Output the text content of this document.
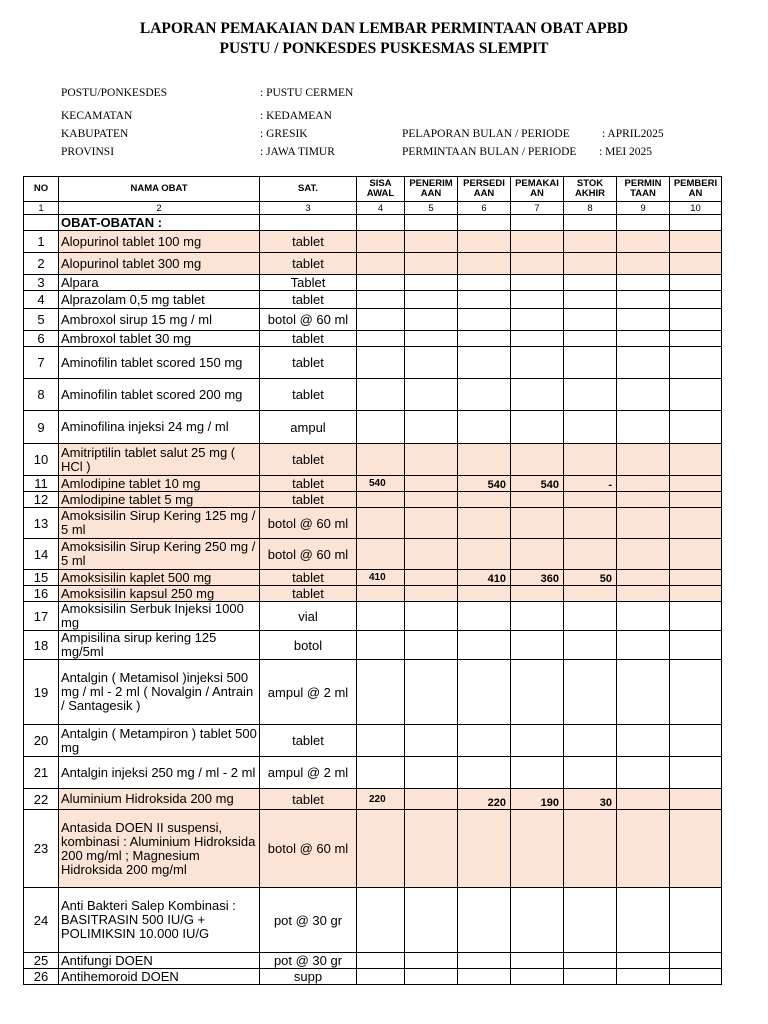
LAPORAN PEMAKAIAN DAN LEMBAR PERMINTAAN OBAT APBD
PUSTU / PONKESDES PUSKESMAS SLEMPIT
POSTU/PONKESDES	: PUSTU CERMEN
KECAMATAN	: KEDAMEAN
KABUPATEN	: GRESIK
PROVINSI	: JAWA TIMUR
PELAPORAN BULAN / PERIODE	: APRIL2025
PERMINTAAN BULAN / PERIODE : MEI 2025
NO	NAMA OBAT	SAT.	SISA AWAL	PENERIM AAN	PERSEDI AAN	PEMAKAI AN	STOK AKHIR	PERMIN TAAN	PEMBERI AN
1	2	3	4	5	6	7	8	9	10
	OBAT-OBATAN :								
1	Alopurinol tablet 100 mg	tablet							
2	Alopurinol tablet 300 mg	tablet							
3	Alpara	Tablet							
4	Alprazolam 0,5 mg tablet	tablet							
5	Ambroxol sirup 15 mg / ml	botol @ 60 ml							
6	Ambroxol tablet 30 mg	tablet							
7	Aminofilin tablet scored 150 mg	tablet							
8	Aminofilin tablet scored 200 mg	tablet							
9	Aminofilina injeksi 24 mg / ml	ampul							
10	Amitriptilin tablet salut 25 mg ( HCl )	tablet							
11	Amlodipine tablet 10 mg	tablet	540		540	540	-		
12	Amlodipine tablet 5 mg	tablet							
13	Amoksisilin Sirup Kering 125 mg / 5 ml	botol @ 60 ml							
14	Amoksisilin Sirup Kering 250 mg / 5 ml	botol @ 60 ml							
15	Amoksisilin kaplet 500 mg	tablet	410		410	360	50		
16	Amoksisilin kapsul 250 mg	tablet							
17	Amoksisilin Serbuk Injeksi 1000 mg	vial							
18	Ampisilina sirup kering 125 mg/5ml	botol							
19	Antalgin ( Metamisol )injeksi 500 mg / ml - 2 ml ( Novalgin / Antrain / Santagesik )	ampul @ 2 ml							
20	Antalgin ( Metampiron ) tablet 500 mg	tablet							
21	Antalgin injeksi 250 mg / ml - 2 ml	ampul @ 2 ml							
22	Aluminium Hidroksida 200 mg	tablet	220		220	190	30		
23	Antasida DOEN II suspensi, kombinasi : Aluminium Hidroksida 200 mg/ml ; Magnesium Hidroksida 200 mg/ml	botol @ 60 ml							
24	Anti Bakteri Salep Kombinasi : BASITRASIN 500 IU/G + POLIMIKSIN 10.000 IU/G	pot @ 30 gr							
25	Antifungi DOEN	pot @ 30 gr							
26	Antihemoroid DOEN	supp							
